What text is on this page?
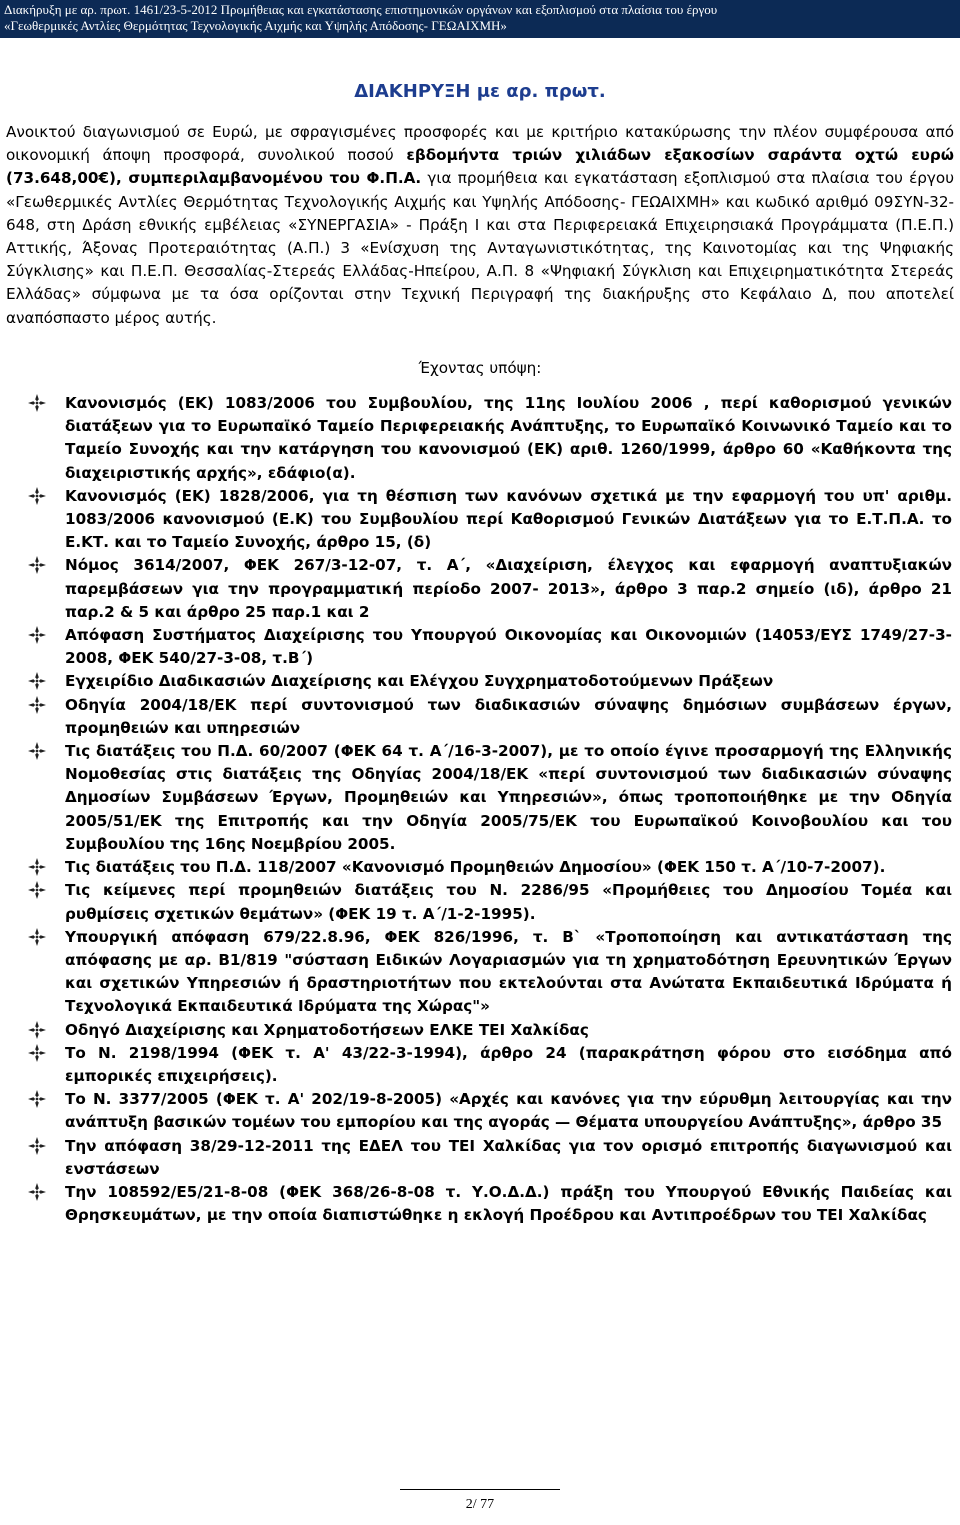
Διακήρυξη με αρ. πρωτ. 1461/23-5-2012 Προμήθειας και εγκατάστασης επιστημονικών οργάνων και εξοπλισμού στα πλαίσια του έργου
«Γεωθερμικές Αντλίες Θερμότητας Τεχνολογικής Αιχμής και Υψηλής Απόδοσης- ΓΕΩΑΙΧΜΗ»
ΔΙΑΚΗΡΥΞΗ με αρ. πρωτ.
Ανοικτού διαγωνισμού σε Ευρώ, με σφραγισμένες προσφορές και με κριτήριο κατακύρωσης την πλέον συμφέρουσα από οικονομική άποψη προσφορά, συνολικού ποσού εβδομήντα τριών χιλιάδων εξακοσίων σαράντα οχτώ ευρώ (73.648,00€), συμπεριλαμβανομένου του Φ.Π.Α. για προμήθεια και εγκατάσταση εξοπλισμού στα πλαίσια του έργου «Γεωθερμικές Αντλίες Θερμότητας Τεχνολογικής Αιχμής και Υψηλής Απόδοσης- ΓΕΩΑΙΧΜΗ» και κωδικό αριθμό 09ΣΥΝ-32-648, στη Δράση εθνικής εμβέλειας «ΣΥΝΕΡΓΑΣΙΑ» - Πράξη Ι και στα Περιφερειακά Επιχειρησιακά Προγράμματα (Π.Ε.Π.) Αττικής, Άξονας Προτεραιότητας (Α.Π.) 3 «Ενίσχυση της Ανταγωνιστικότητας, της Καινοτομίας και της Ψηφιακής Σύγκλισης» και Π.Ε.Π. Θεσσαλίας-Στερεάς Ελλάδας-Ηπείρου, Α.Π. 8 «Ψηφιακή Σύγκλιση και Επιχειρηματικότητα Στερεάς Ελλάδας» σύμφωνα με τα όσα ορίζονται στην Τεχνική Περιγραφή της διακήρυξης στο Κεφάλαιο Δ, που αποτελεί αναπόσπαστο μέρος αυτής.
Έχοντας υπόψη:
Κανονισμός (ΕΚ) 1083/2006 του Συμβουλίου, της 11ης Ιουλίου 2006 , περί καθορισμού γενικών διατάξεων για το Ευρωπαϊκό Ταμείο Περιφερειακής Ανάπτυξης, το Ευρωπαϊκό Κοινωνικό Ταμείο και το Ταμείο Συνοχής και την κατάργηση του κανονισμού (ΕΚ) αριθ. 1260/1999, άρθρο 60 «Καθήκοντα της διαχειριστικής αρχής», εδάφιο(α).
Κανονισμός (ΕΚ) 1828/2006, για τη θέσπιση των κανόνων σχετικά με την εφαρμογή του υπ' αριθμ. 1083/2006 κανονισμού (Ε.Κ) του Συμβουλίου περί Καθορισμού Γενικών Διατάξεων για το Ε.Τ.Π.Α. το Ε.ΚΤ. και το Ταμείο Συνοχής, άρθρο 15, (δ)
Νόμος 3614/2007, ΦΕΚ 267/3-12-07, τ. Α΄, «Διαχείριση, έλεγχος και εφαρμογή αναπτυξιακών παρεμβάσεων για την προγραμματική περίοδο 2007- 2013», άρθρο 3 παρ.2 σημείο (ιδ), άρθρο 21 παρ.2 & 5 και άρθρο 25 παρ.1 και 2
Απόφαση Συστήματος Διαχείρισης του Υπουργού Οικονομίας και Οικονομιών (14053/ΕΥΣ 1749/27-3-2008, ΦΕΚ 540/27-3-08, τ.Β΄)
Εγχειρίδιο Διαδικασιών Διαχείρισης και Ελέγχου Συγχρηματοδοτούμενων Πράξεων
Οδηγία 2004/18/ΕΚ περί συντονισμού των διαδικασιών σύναψης δημόσιων συμβάσεων έργων, προμηθειών και υπηρεσιών
Τις διατάξεις του Π.Δ. 60/2007 (ΦΕΚ 64 τ. Α΄/16-3-2007), με το οποίο έγινε προσαρμογή της Ελληνικής Νομοθεσίας στις διατάξεις της Οδηγίας 2004/18/ΕΚ «περί συντονισμού των διαδικασιών σύναψης Δημοσίων Συμβάσεων Έργων, Προμηθειών και Υπηρεσιών», όπως τροποποιήθηκε με την Οδηγία 2005/51/ΕΚ της Επιτροπής και την Οδηγία 2005/75/ΕΚ του Ευρωπαϊκού Κοινοβουλίου και του Συμβουλίου της 16ης Νοεμβρίου 2005.
Τις διατάξεις του Π.Δ. 118/2007 «Κανονισμό Προμηθειών Δημοσίου» (ΦΕΚ 150 τ. Α΄/10-7-2007).
Τις κείμενες περί προμηθειών διατάξεις του Ν. 2286/95 «Προμήθειες του Δημοσίου Τομέα και ρυθμίσεις σχετικών θεμάτων» (ΦΕΚ 19 τ. Α΄/1-2-1995).
Υπουργική απόφαση 679/22.8.96, ΦΕΚ 826/1996, τ. Β` «Τροποποίηση και αντικατάσταση της απόφασης με αρ. Β1/819 "σύσταση Ειδικών Λογαριασμών για τη χρηματοδότηση Ερευνητικών Έργων και σχετικών Υπηρεσιών ή δραστηριοτήτων που εκτελούνται στα Ανώτατα Εκπαιδευτικά Ιδρύματα ή Τεχνολογικά Εκπαιδευτικά Ιδρύματα της Χώρας"»
Οδηγό Διαχείρισης και Χρηματοδοτήσεων ΕΛΚΕ ΤΕΙ Χαλκίδας
Το Ν. 2198/1994 (ΦΕΚ τ. Α' 43/22-3-1994), άρθρο 24 (παρακράτηση φόρου στο εισόδημα από εμπορικές επιχειρήσεις).
Το Ν. 3377/2005 (ΦΕΚ τ. Α' 202/19-8-2005) «Αρχές και κανόνες για την εύρυθμη λειτουργίας και την ανάπτυξη βασικών τομέων του εμπορίου και της αγοράς — Θέματα υπουργείου Ανάπτυξης», άρθρο 35
Την απόφαση 38/29-12-2011 της ΕΔΕΛ του ΤΕΙ Χαλκίδας για τον ορισμό επιτροπής διαγωνισμού και ενστάσεων
Την 108592/Ε5/21-8-08 (ΦΕΚ 368/26-8-08 τ. Υ.Ο.Δ.Δ.) πράξη του Υπουργού Εθνικής Παιδείας και Θρησκευμάτων, με την οποία διαπιστώθηκε η εκλογή Προέδρου και Αντιπροέδρων του ΤΕΙ Χαλκίδας
2/ 77
